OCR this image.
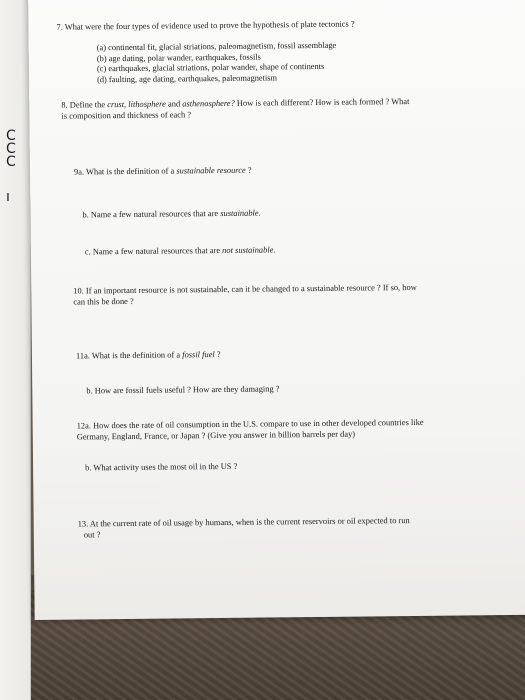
C
C
C
ı
7. What were the four types of evidence used to prove the hypothesis of plate tectonics ?
(a) continental fit, glacial striations, paleomagnetism, fossil assemblage
(b) age dating, polar wander, earthquakes, fossils
(c) earthquakes, glacial striations, polar wander, shape of continents
(d) faulting, age dating, earthquakes, paleomagnetism
8. Define the crust, lithosphere and asthenosphere? How is each different? How is each formed ? What
is composition and thickness of each ?
9a. What is the definition of a sustainable resource ?
b. Name a few natural resources that are sustainable.
c. Name a few natural resources that are not sustainable.
10. If an important resource is not sustainable, can it be changed to a sustainable resource ? If so, how
can this be done ?
11a. What is the definition of a fossil fuel ?
b. How are fossil fuels useful ? How are they damaging ?
12a. How does the rate of oil consumption in the U.S. compare to use in other developed countries like
Germany, England, France, or Japan ? (Give you answer in billion barrels per day)
b. What activity uses the most oil in the US ?
13. At the current rate of oil usage by humans, when is the current reservoirs or oil expected to run
out ?
